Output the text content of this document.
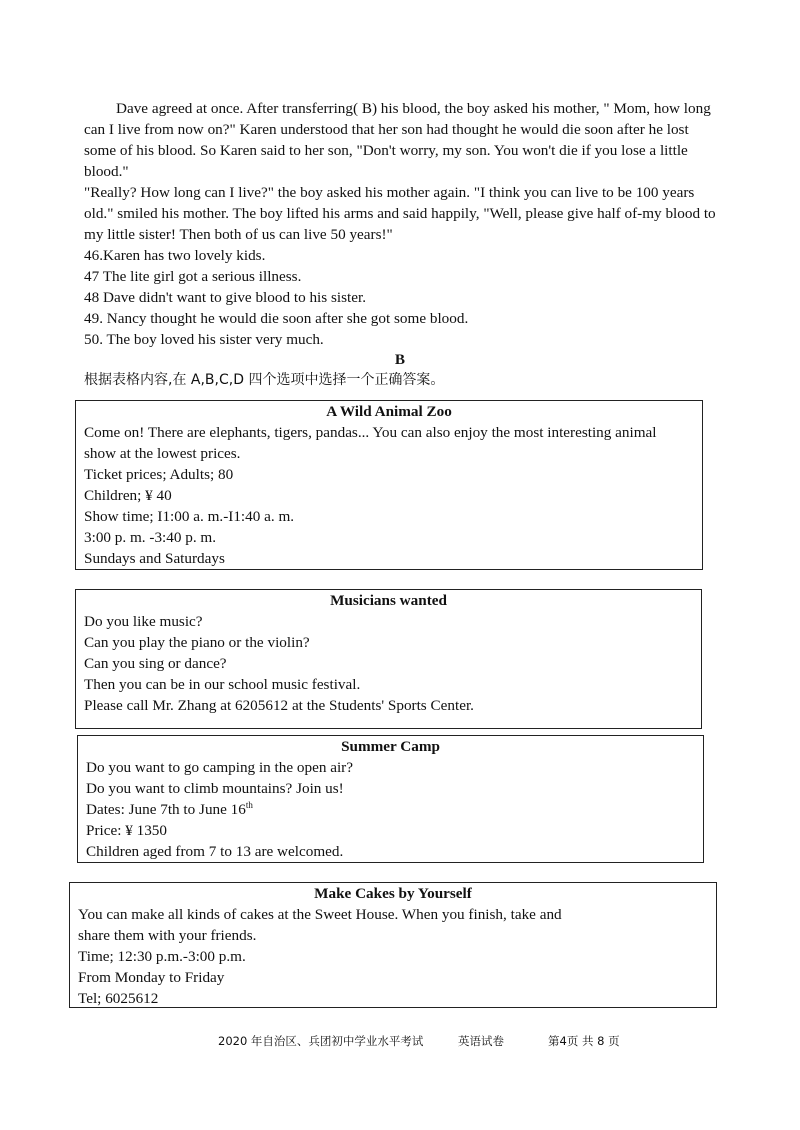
Dave agreed at once. After transferring( B) his blood, the boy asked his mother, " Mom, how long can I live from now on?" Karen understood that her son had thought he would die soon after he lost some of his blood. So Karen said to her son, "Don't worry, my son. You won't die if you lose a little blood."

"Really? How long can I live?" the boy asked his mother again. "I think you can live to be 100 years old." smiled his mother. The boy lifted his arms and said happily, "Well, please give half of-my blood to my little sister! Then both of us can live 50 years!"

46.Karen has two lovely kids.
47 The lite girl got a serious illness.
48 Dave didn't want to give blood to his sister.
49. Nancy thought he would die soon after she got some blood.
50. The boy loved his sister very much.
B
根据表格内容,在 A,B,C,D 四个选项中选择一个正确答案。
A Wild Animal Zoo
Come on! There are elephants, tigers, pandas... You can also enjoy the most interesting animal
show at the lowest prices.
Ticket prices; Adults; 80
Children; ¥ 40
Show time; I1:00 a. m.-I1:40 a. m.
3:00 p. m. -3:40 p. m.
Sundays and Saturdays
Musicians wanted
Do you like music?
Can you play the piano or the violin?
Can you sing or dance?
Then you can be in our school music festival.
Please call Mr. Zhang at 6205612 at the Students' Sports Center.
Summer Camp
Do you want to go camping in the open air?
Do you want to climb mountains? Join us!
Dates: June 7th to June 16th
Price: ¥ 1350
Children aged from 7 to 13 are welcomed.
Make Cakes by Yourself
You can make all kinds of cakes at the Sweet House. When you finish, take and
share them with your friends.
Time; 12:30 p.m.-3:00 p.m.
From Monday to Friday
Tel; 6025612
2020 年自治区、兵团初中学业水平考试	英语试卷	第4页 共 8 页
